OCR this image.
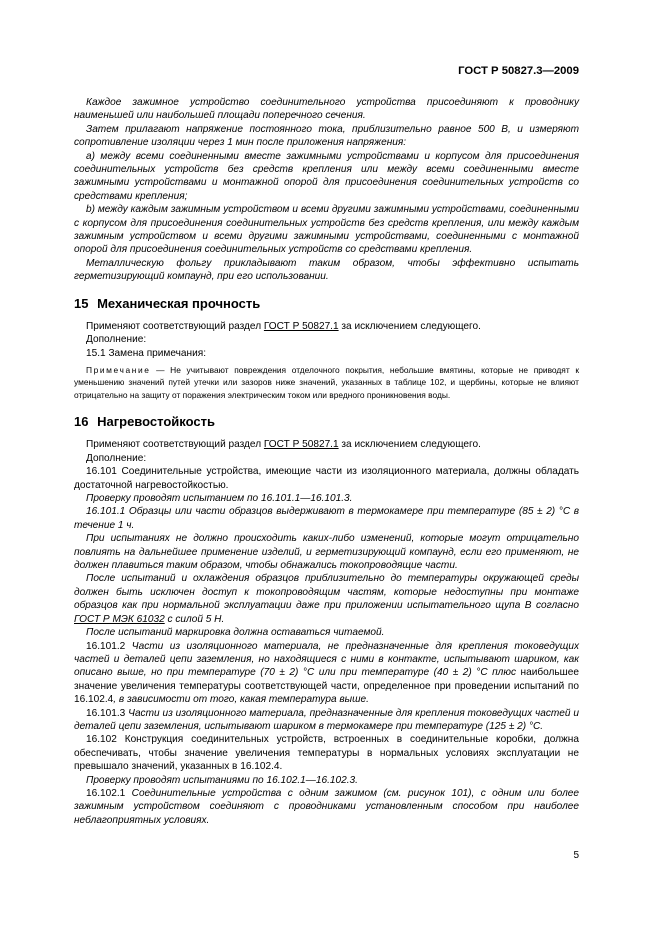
ГОСТ Р 50827.3—2009

Каждое зажимное устройство соединительного устройства присоединяют к проводнику наименьшей или наибольшей площади поперечного сечения.

Затем прилагают напряжение постоянного тока, приблизительно равное 500 В, и измеряют сопротивление изоляции через 1 мин после приложения напряжения:

а) между всеми соединенными вместе зажимными устройствами и корпусом для присоединения соединительных устройств без средств крепления или между всеми соединенными вместе зажимными устройствами и монтажной опорой для присоединения соединительных устройств со средствами крепления;

b) между каждым зажимным устройством и всеми другими зажимными устройствами, соединенными с корпусом для присоединения соединительных устройств без средств крепления, или между каждым зажимным устройством и всеми другими зажимными устройствами, соединенными с монтажной опорой для присоединения соединительных устройств со средствами крепления.

Металлическую фольгу прикладывают таким образом, чтобы эффективно испытать герметизирующий компаунд, при его использовании.

15 Механическая прочность

Применяют соответствующий раздел ГОСТ Р 50827.1 за исключением следующего.

Дополнение:

15.1 Замена примечания:

Примечание — Не учитывают повреждения отделочного покрытия, небольшие вмятины, которые не приводят к уменьшению значений путей утечки или зазоров ниже значений, указанных в таблице 102, и щербины, которые не влияют отрицательно на защиту от поражения электрическим током или вредного проникновения воды.

16 Нагревостойкость

Применяют соответствующий раздел ГОСТ Р 50827.1 за исключением следующего.

Дополнение:

16.101 Соединительные устройства, имеющие части из изоляционного материала, должны обладать достаточной нагревостойкостью.

Проверку проводят испытанием по 16.101.1—16.101.3.

16.101.1 Образцы или части образцов выдерживают в термокамере при температуре (85 ± 2) °С в течение 1 ч.

При испытаниях не должно происходить каких-либо изменений, которые могут отрицательно повлиять на дальнейшее применение изделий, и герметизирующий компаунд, если его применяют, не должен плавиться таким образом, чтобы обнажались токопроводящие части.

После испытаний и охлаждения образцов приблизительно до температуры окружающей среды должен быть исключен доступ к токопроводящим частям, которые недоступны при монтаже образцов как при нормальной эксплуатации даже при приложении испытательного щупа В согласно ГОСТ Р МЭК 61032 с силой 5 Н.

После испытаний маркировка должна оставаться читаемой.

16.101.2 Части из изоляционного материала, не предназначенные для крепления токоведущих частей и деталей цепи заземления, но находящиеся с ними в контакте, испытывают шариком, как описано выше, но при температуре (70 ± 2) °С или при температуре (40 ± 2) °С плюс наибольшее значение увеличения температуры соответствующей части, определенное при проведении испытаний по 16.102.4, в зависимости от того, какая температура выше.

16.101.3 Части из изоляционного материала, предназначенные для крепления токоведущих частей и деталей цепи заземления, испытывают шариком в термокамере при температуре (125 ± 2) °С.

16.102 Конструкция соединительных устройств, встроенных в соединительные коробки, должна обеспечивать, чтобы значение увеличения температуры в нормальных условиях эксплуатации не превышало значений, указанных в 16.102.4.

Проверку проводят испытаниями по 16.102.1—16.102.3.

16.102.1 Соединительные устройства с одним зажимом (см. рисунок 101), с одним или более зажимным устройством соединяют с проводниками установленным способом при наиболее неблагоприятных условиях.

5
